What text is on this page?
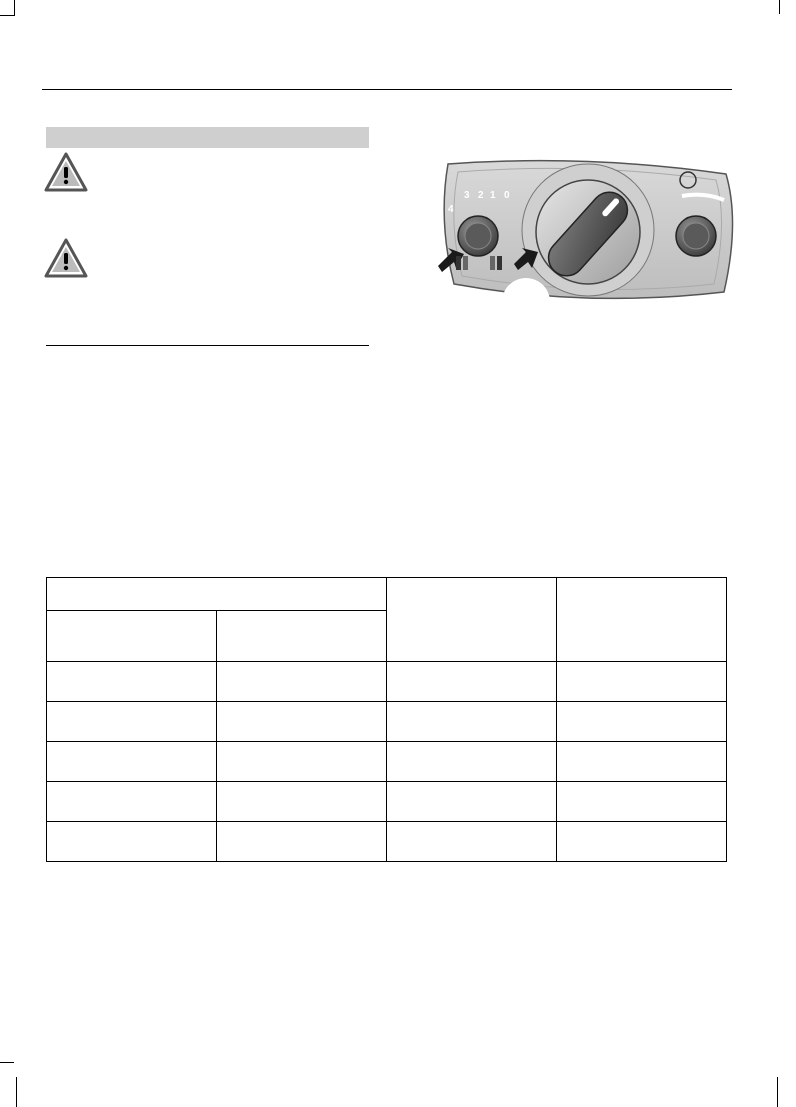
4
3 2 1 0
